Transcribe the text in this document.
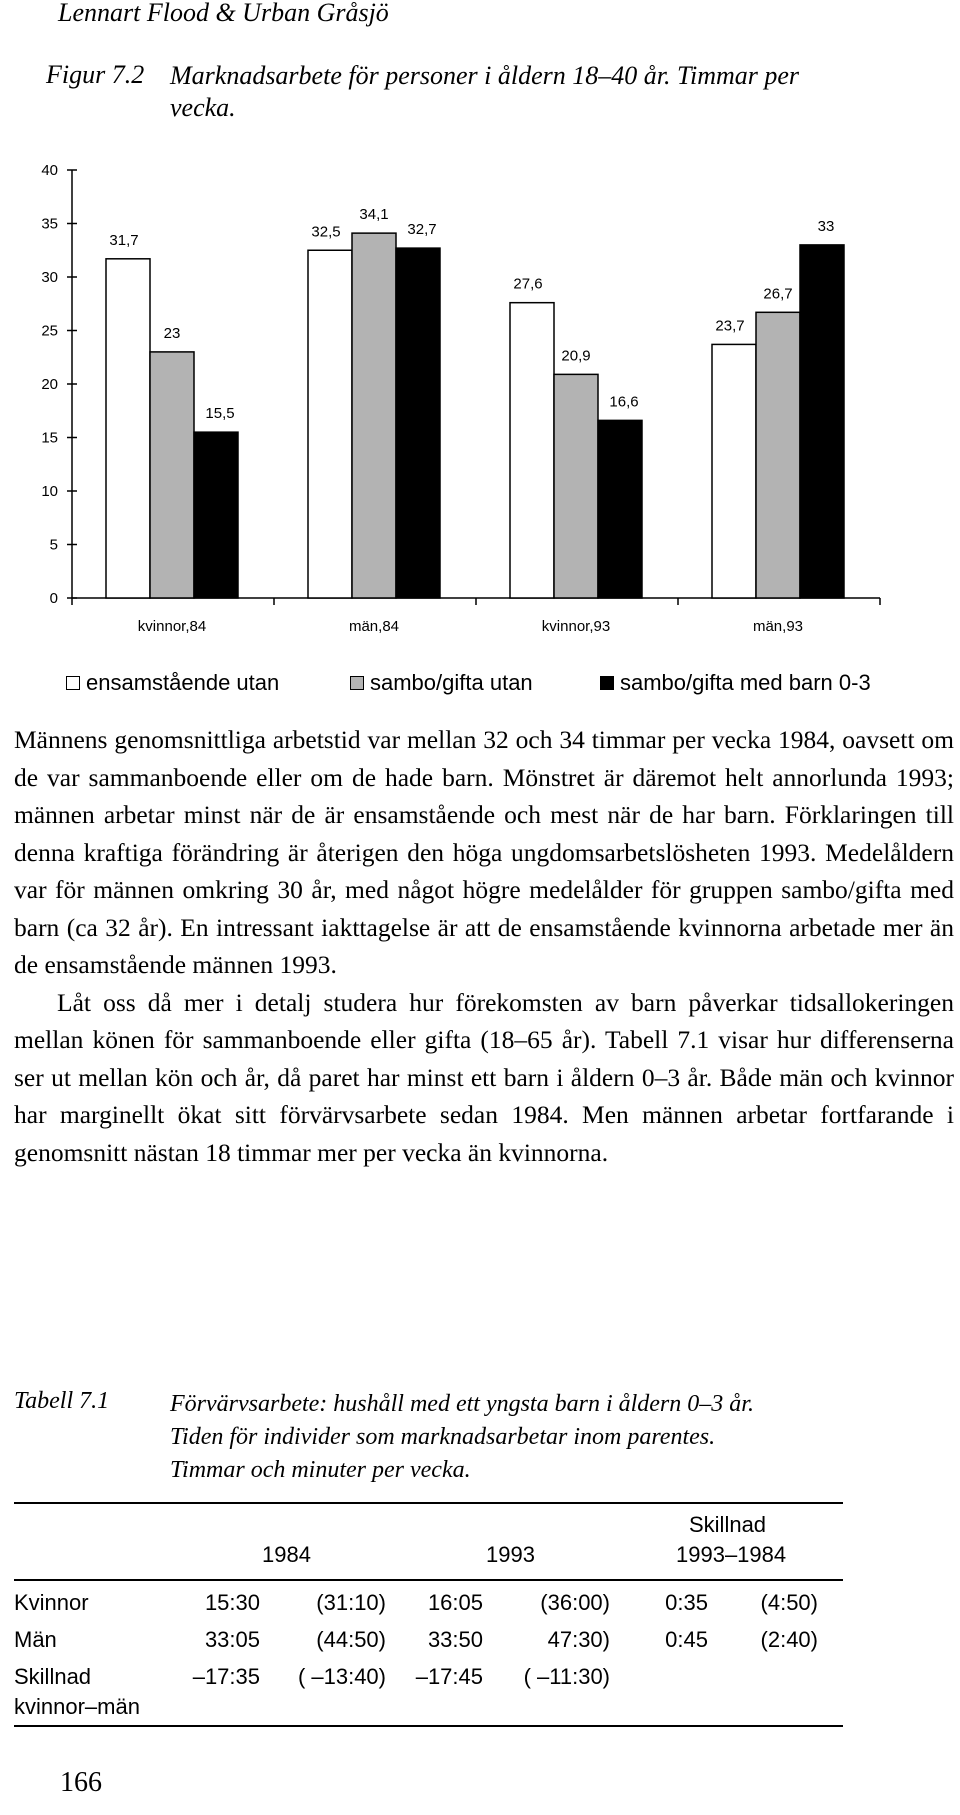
Lennart Flood & Urban Gråsjö
Figur 7.2 Marknadsarbete för personer i åldern 18–40 år. Timmar per vecka.
0
5
10
15
20
25
30
35
40
31,7
23
15,5
kvinnor,84
32,5
34,1
32,7
män,84
27,6
20,9
16,6
kvinnor,93
23,7
26,7
33
män,93
ensamstående utan	sambo/gifta utan	sambo/gifta med barn 0-3

Männens genomsnittliga arbetstid var mellan 32 och 34 timmar per vecka 1984, oavsett om de var sammanboende eller om de hade barn. Mönstret är däremot helt annorlunda 1993; männen arbetar minst när de är ensamstående och mest när de har barn. Förklaringen till denna kraftiga förändring är återigen den höga ungdomsarbetslösheten 1993. Medelåldern var för männen omkring 30 år, med något högre medelålder för gruppen sambo/gifta med barn (ca 32 år). En intressant iakttagelse är att de ensamstående kvinnorna arbetade mer än de ensamstående männen 1993.

Låt oss då mer i detalj studera hur förekomsten av barn påverkar tidsallokeringen mellan könen för sammanboende eller gifta (18–65 år). Tabell 7.1 visar hur differenserna ser ut mellan kön och år, då paret har minst ett barn i åldern 0–3 år. Både män och kvinnor har marginellt ökat sitt förvärvsarbete sedan 1984. Men männen arbetar fortfarande i genomsnitt nästan 18 timmar mer per vecka än kvinnorna.

Tabell 7.1	Förvärvsarbete: hushåll med ett yngsta barn i åldern 0–3 år.
Tiden för individer som marknadsarbetar inom parentes.
Timmar och minuter per vecka.
Skillnad
1984	1993	1993–1984
Kvinnor	15:30	(31:10)	16:05	(36:00)	0:35	(4:50)
Män	33:05	(44:50)	33:50	47:30)	0:45	(2:40)
Skillnad
kvinnor–män
–17:35	( –13:40)	–17:45	( –11:30)
166
